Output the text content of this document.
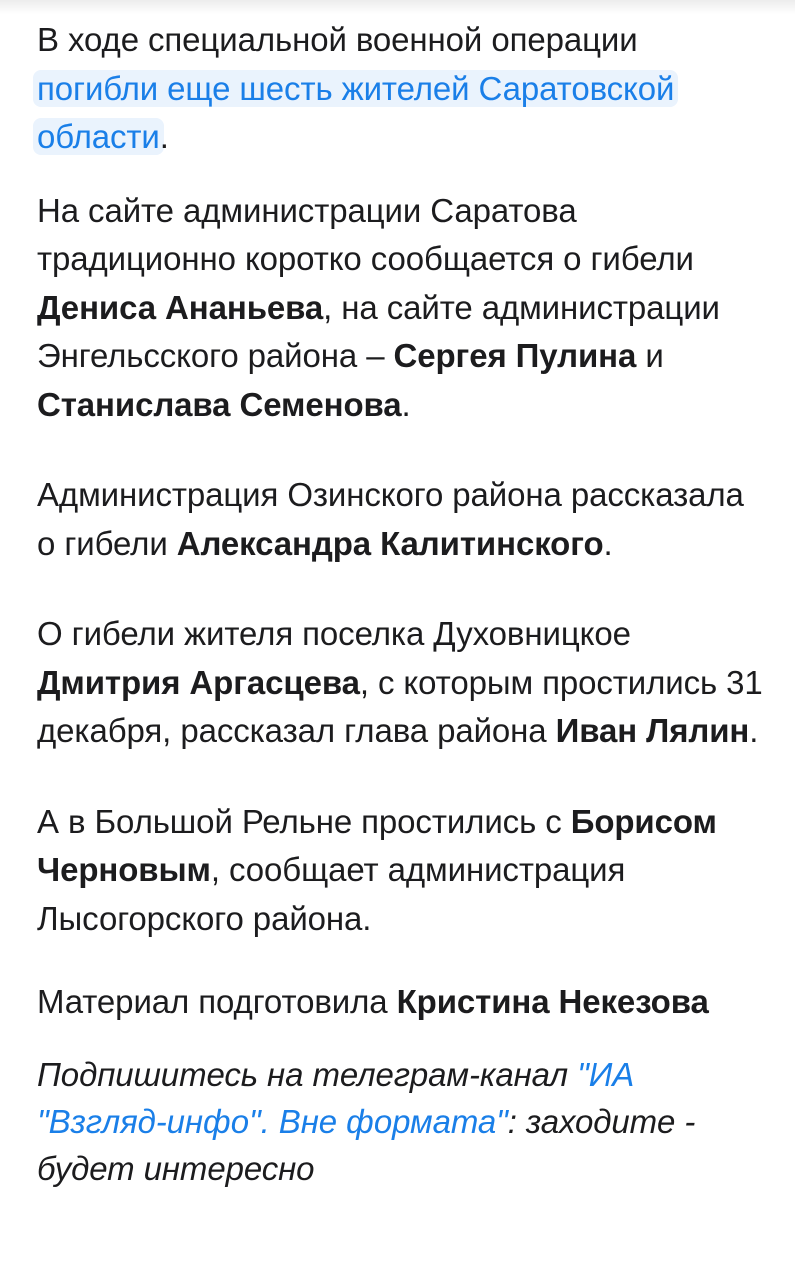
В ходе специальной военной операции погибли еще шесть жителей Саратовской области.

На сайте администрации Саратова традиционно коротко сообщается о гибели Дениса Ананьева, на сайте администрации Энгельсского района – Сергея Пулина и Станислава Семенова.

Администрация Озинского района рассказала о гибели Александра Калитинского.

О гибели жителя поселка Духовницкое Дмитрия Аргасцева, с которым простились 31 декабря, рассказал глава района Иван Лялин.

А в Большой Рельне простились с Борисом Черновым, сообщает администрация Лысогорского района.

Материал подготовила Кристина Некезова

Подпишитесь на телеграм-канал "ИА "Взгляд-инфо". Вне формата": заходите - будет интересно
